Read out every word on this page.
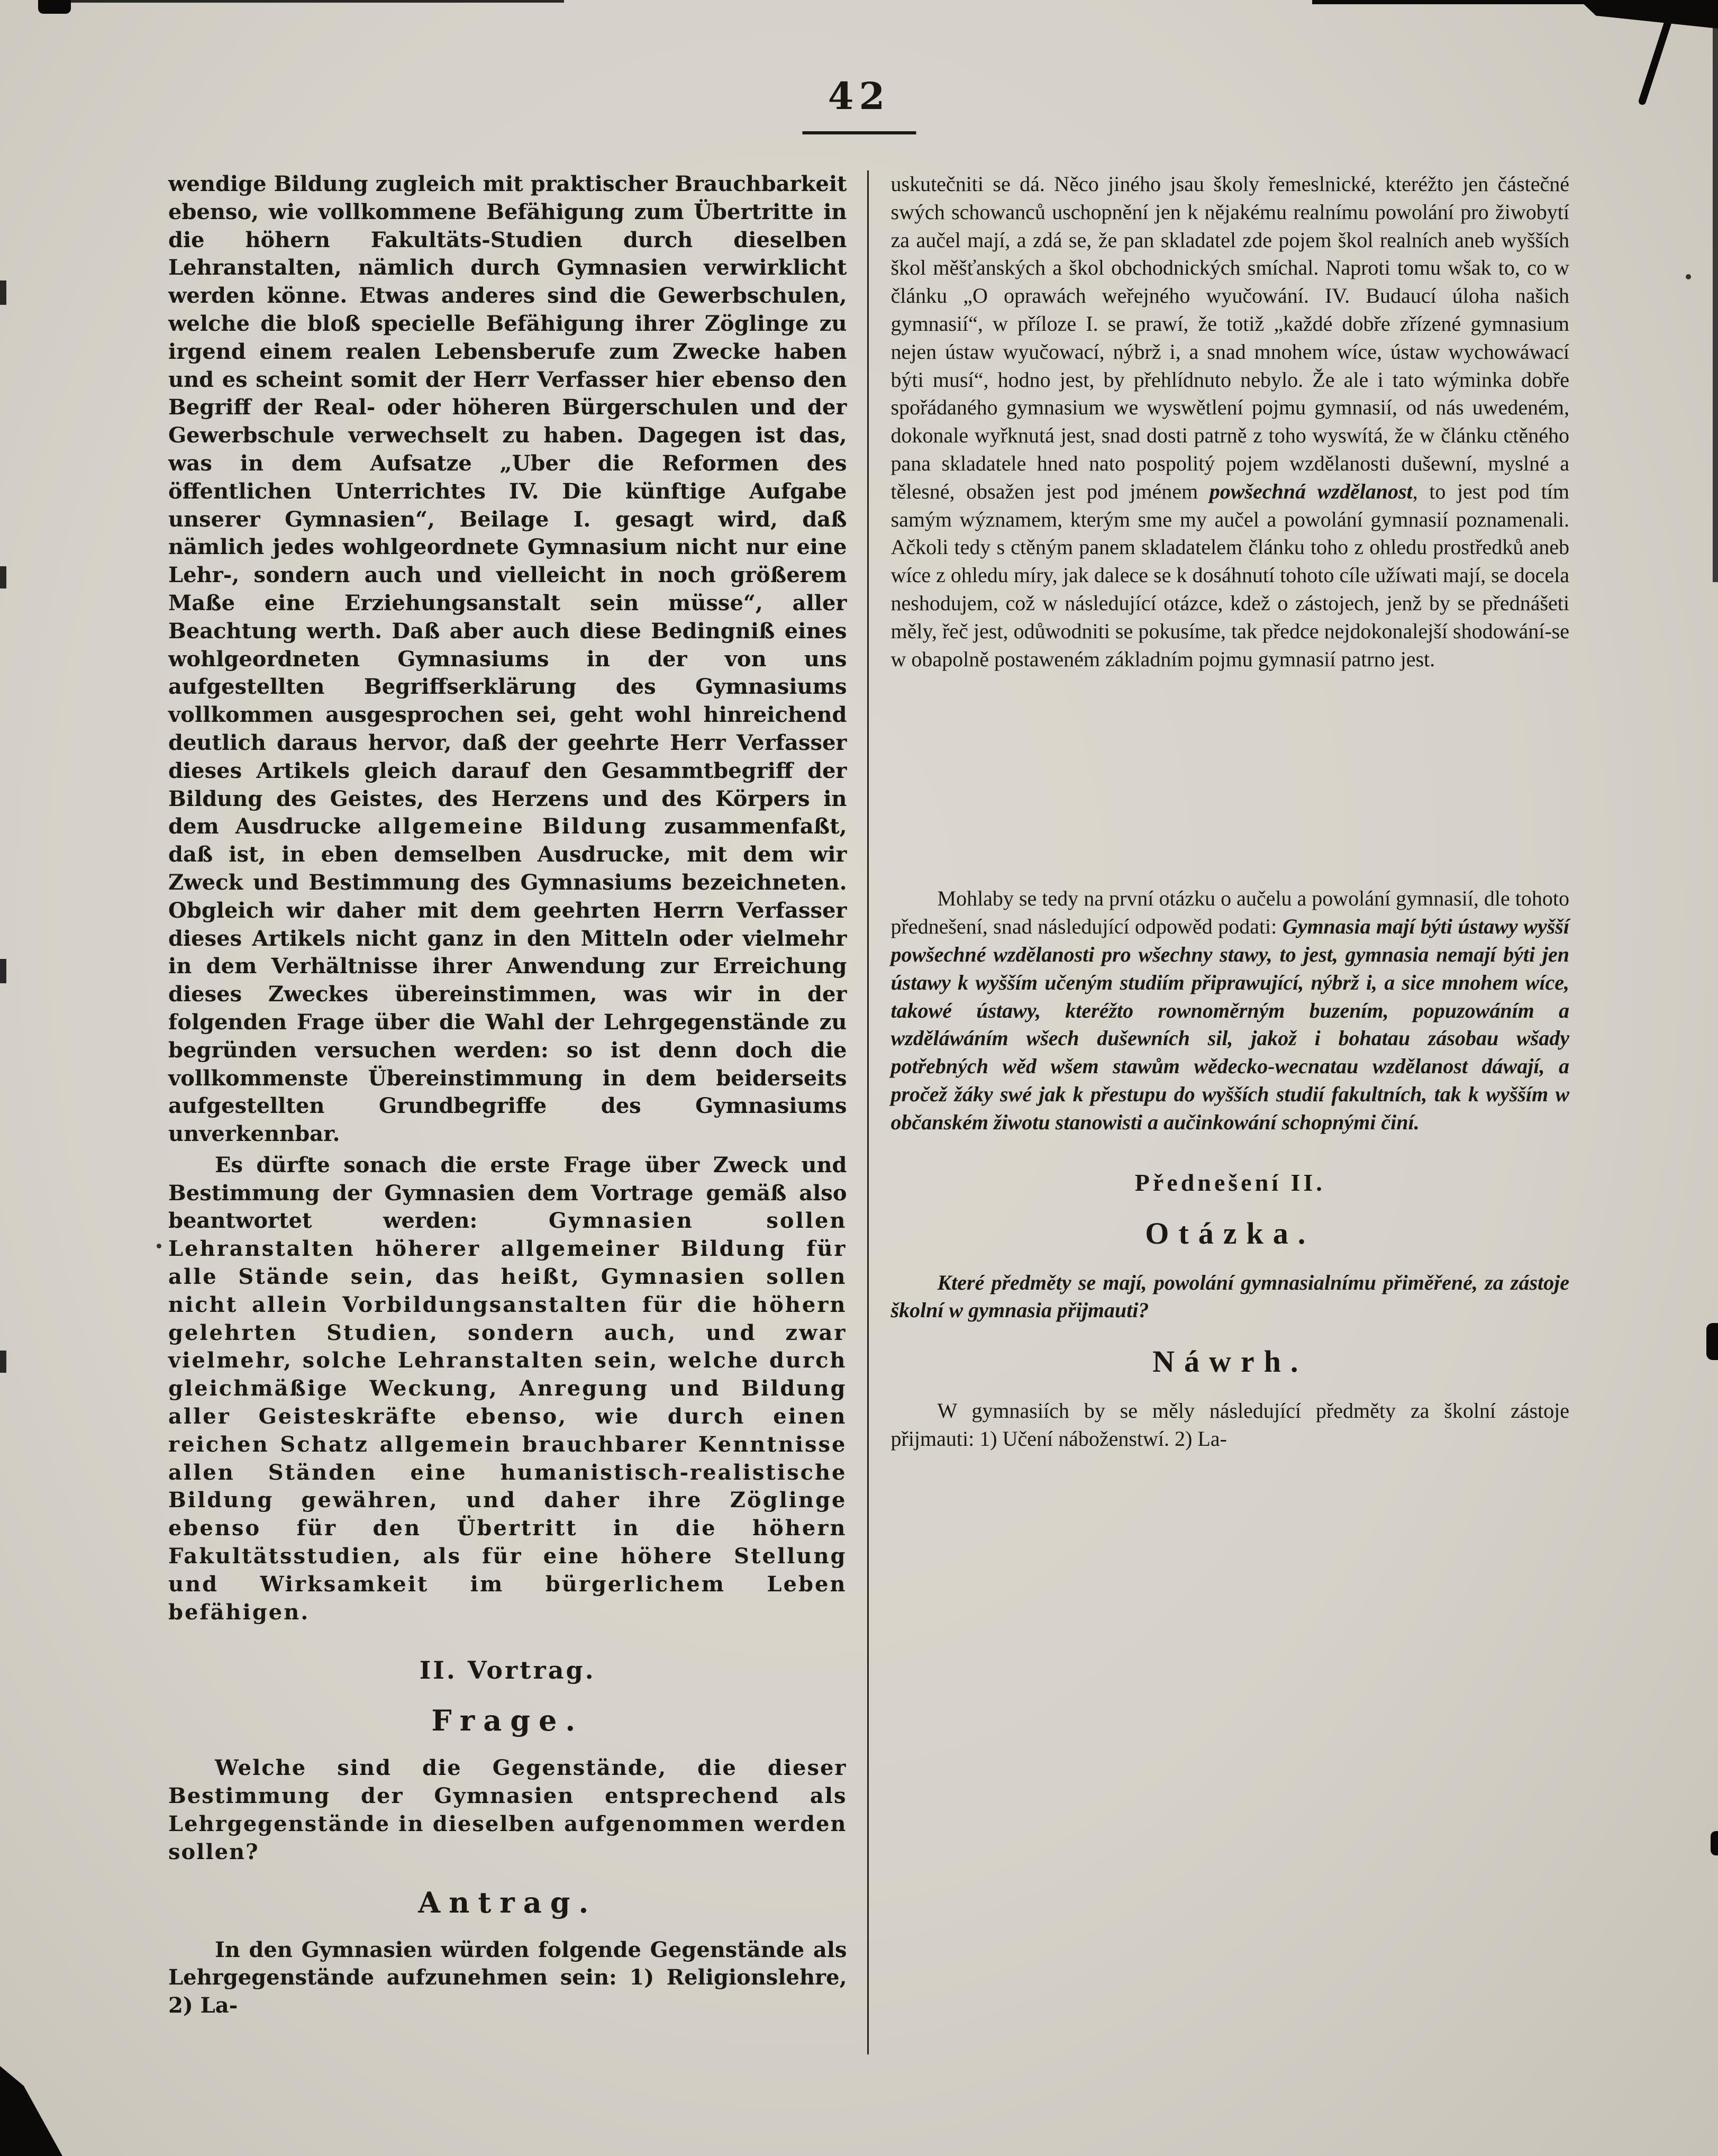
42

wendige Bildung zugleich mit praktischer Brauchbarkeit ebenso, wie vollkommene Befähigung zum Übertritte in die höhern Fakultäts-Studien durch dieselben Lehranstalten, nämlich durch Gymnasien verwirklicht werden könne. Etwas anderes sind die Gewerbschulen, welche die bloß specielle Befähigung ihrer Zöglinge zu irgend einem realen Lebensberufe zum Zwecke haben und es scheint somit der Herr Verfasser hier ebenso den Begriff der Real- oder höheren Bürgerschulen und der Gewerbschule verwechselt zu haben. Dagegen ist das, was in dem Aufsatze „Uber die Reformen des öffentlichen Unterrichtes IV. Die künftige Aufgabe unserer Gymnasien“, Beilage I. gesagt wird, daß nämlich jedes wohlgeordnete Gymnasium nicht nur eine Lehr-, sondern auch und vielleicht in noch größerem Maße eine Erziehungsanstalt sein müsse“, aller Beachtung werth. Daß aber auch diese Bedingniß eines wohlgeordneten Gymnasiums in der von uns aufgestellten Begriffserklärung des Gymnasiums vollkommen ausgesprochen sei, geht wohl hinreichend deutlich daraus hervor, daß der geehrte Herr Verfasser dieses Artikels gleich darauf den Gesammtbegriff der Bildung des Geistes, des Herzens und des Körpers in dem Ausdrucke allgemeine Bildung zusammenfaßt, daß ist, in eben demselben Ausdrucke, mit dem wir Zweck und Bestimmung des Gymnasiums bezeichneten. Obgleich wir daher mit dem geehrten Herrn Verfasser dieses Artikels nicht ganz in den Mitteln oder vielmehr in dem Verhältnisse ihrer Anwendung zur Erreichung dieses Zweckes übereinstimmen, was wir in der folgenden Frage über die Wahl der Lehrgegenstände zu begründen versuchen werden: so ist denn doch die vollkommenste Übereinstimmung in dem beiderseits aufgestellten Grundbegriffe des Gymnasiums unverkennbar.

Es dürfte sonach die erste Frage über Zweck und Bestimmung der Gymnasien dem Vortrage gemäß also beantwortet werden: Gymnasien sollen Lehranstalten höherer allgemeiner Bildung für alle Stände sein, das heißt, Gymnasien sollen nicht allein Vorbildungsanstalten für die höhern gelehrten Studien, sondern auch, und zwar vielmehr, solche Lehranstalten sein, welche durch gleichmäßige Weckung, Anregung und Bildung aller Geisteskräfte ebenso, wie durch einen reichen Schatz allgemein brauchbarer Kenntnisse allen Ständen eine humanistisch-realistische Bildung gewähren, und daher ihre Zöglinge ebenso für den Übertritt in die höhern Fakultätsstudien, als für eine höhere Stellung und Wirksamkeit im bürgerlichem Leben befähigen.

II. Vortrag.
Frage.

Welche sind die Gegenstände, die dieser Bestimmung der Gymnasien entsprechend als Lehrgegenstände in dieselben aufgenommen werden sollen?

Antrag.

In den Gymnasien würden folgende Gegenstände als Lehrgegenstände aufzunehmen sein: 1) Religionslehre, 2) La-

uskutečniti se dá. Něco jiného jsau školy řemeslnické, kteréžto jen částečné swých schowanců uschopnění jen k nějakému realnímu powolání pro žiwobytí za aučel mají, a zdá se, že pan skladatel zde pojem škol realních aneb wyšších škol měšťanských a škol obchodnických smíchal. Naproti tomu wšak to, co w článku „O oprawách weřejného wyučowání. IV. Budaucí úloha našich gymnasií“, w příloze I. se prawí, že totiž „každé dobře zřízené gymnasium nejen ústaw wyučowací, nýbrž i, a snad mnohem wíce, ústaw wychowáwací býti musí“, hodno jest, by přehlídnuto nebylo. Že ale i tato wýminka dobře spořádaného gymnasium we wyswětlení pojmu gymnasií, od nás uwedeném, dokonale wyřknutá jest, snad dosti patrně z toho wyswítá, že w článku ctěného pana skladatele hned nato pospolitý pojem wzdělanosti dušewní, myslné a tělesné, obsažen jest pod jménem powšechná wzdělanost, to jest pod tím samým wýznamem, kterým sme my aučel a powolání gymnasií poznamenali. Ačkoli tedy s ctěným panem skladatelem článku toho z ohledu prostředků aneb wíce z ohledu míry, jak dalece se k dosáhnutí tohoto cíle užíwati mají, se docela neshodujem, což w následující otázce, kdež o zástojech, jenž by se přednášeti měly, řeč jest, odůwodniti se pokusíme, tak předce nejdokonalejší shodowání-se w obapolně postaweném základním pojmu gymnasií patrno jest.

Mohlaby se tedy na první otázku o aučelu a powolání gymnasií, dle tohoto přednešení, snad následující odpowěd podati: Gymnasia mají býti ústawy wyšší powšechné wzdělanosti pro wšechny stawy, to jest, gymnasia nemají býti jen ústawy k wyšším učeným studiím připrawující, nýbrž i, a sice mnohem wíce, takowé ústawy, kteréžto rownoměrným buzením, popuzowáním a wzděláwáním wšech dušewních sil, jakož i bohatau zásobau wšady potřebných wěd wšem stawům wědecko-wecnatau wzdělanost dáwají, a pročež žáky swé jak k přestupu do wyšších studií fakultních, tak k wyšším w občanském žiwotu stanowisti a aučinkowání schopnými činí.

Přednešení II.
Otázka.

Které předměty se mají, powolání gymnasialnímu přiměřené, za zástoje školní w gymnasia přijmauti?

Náwrh.

W gymnasiích by se měly následující předměty za školní zástoje přijmauti: 1) Učení náboženstwí. 2) La-
